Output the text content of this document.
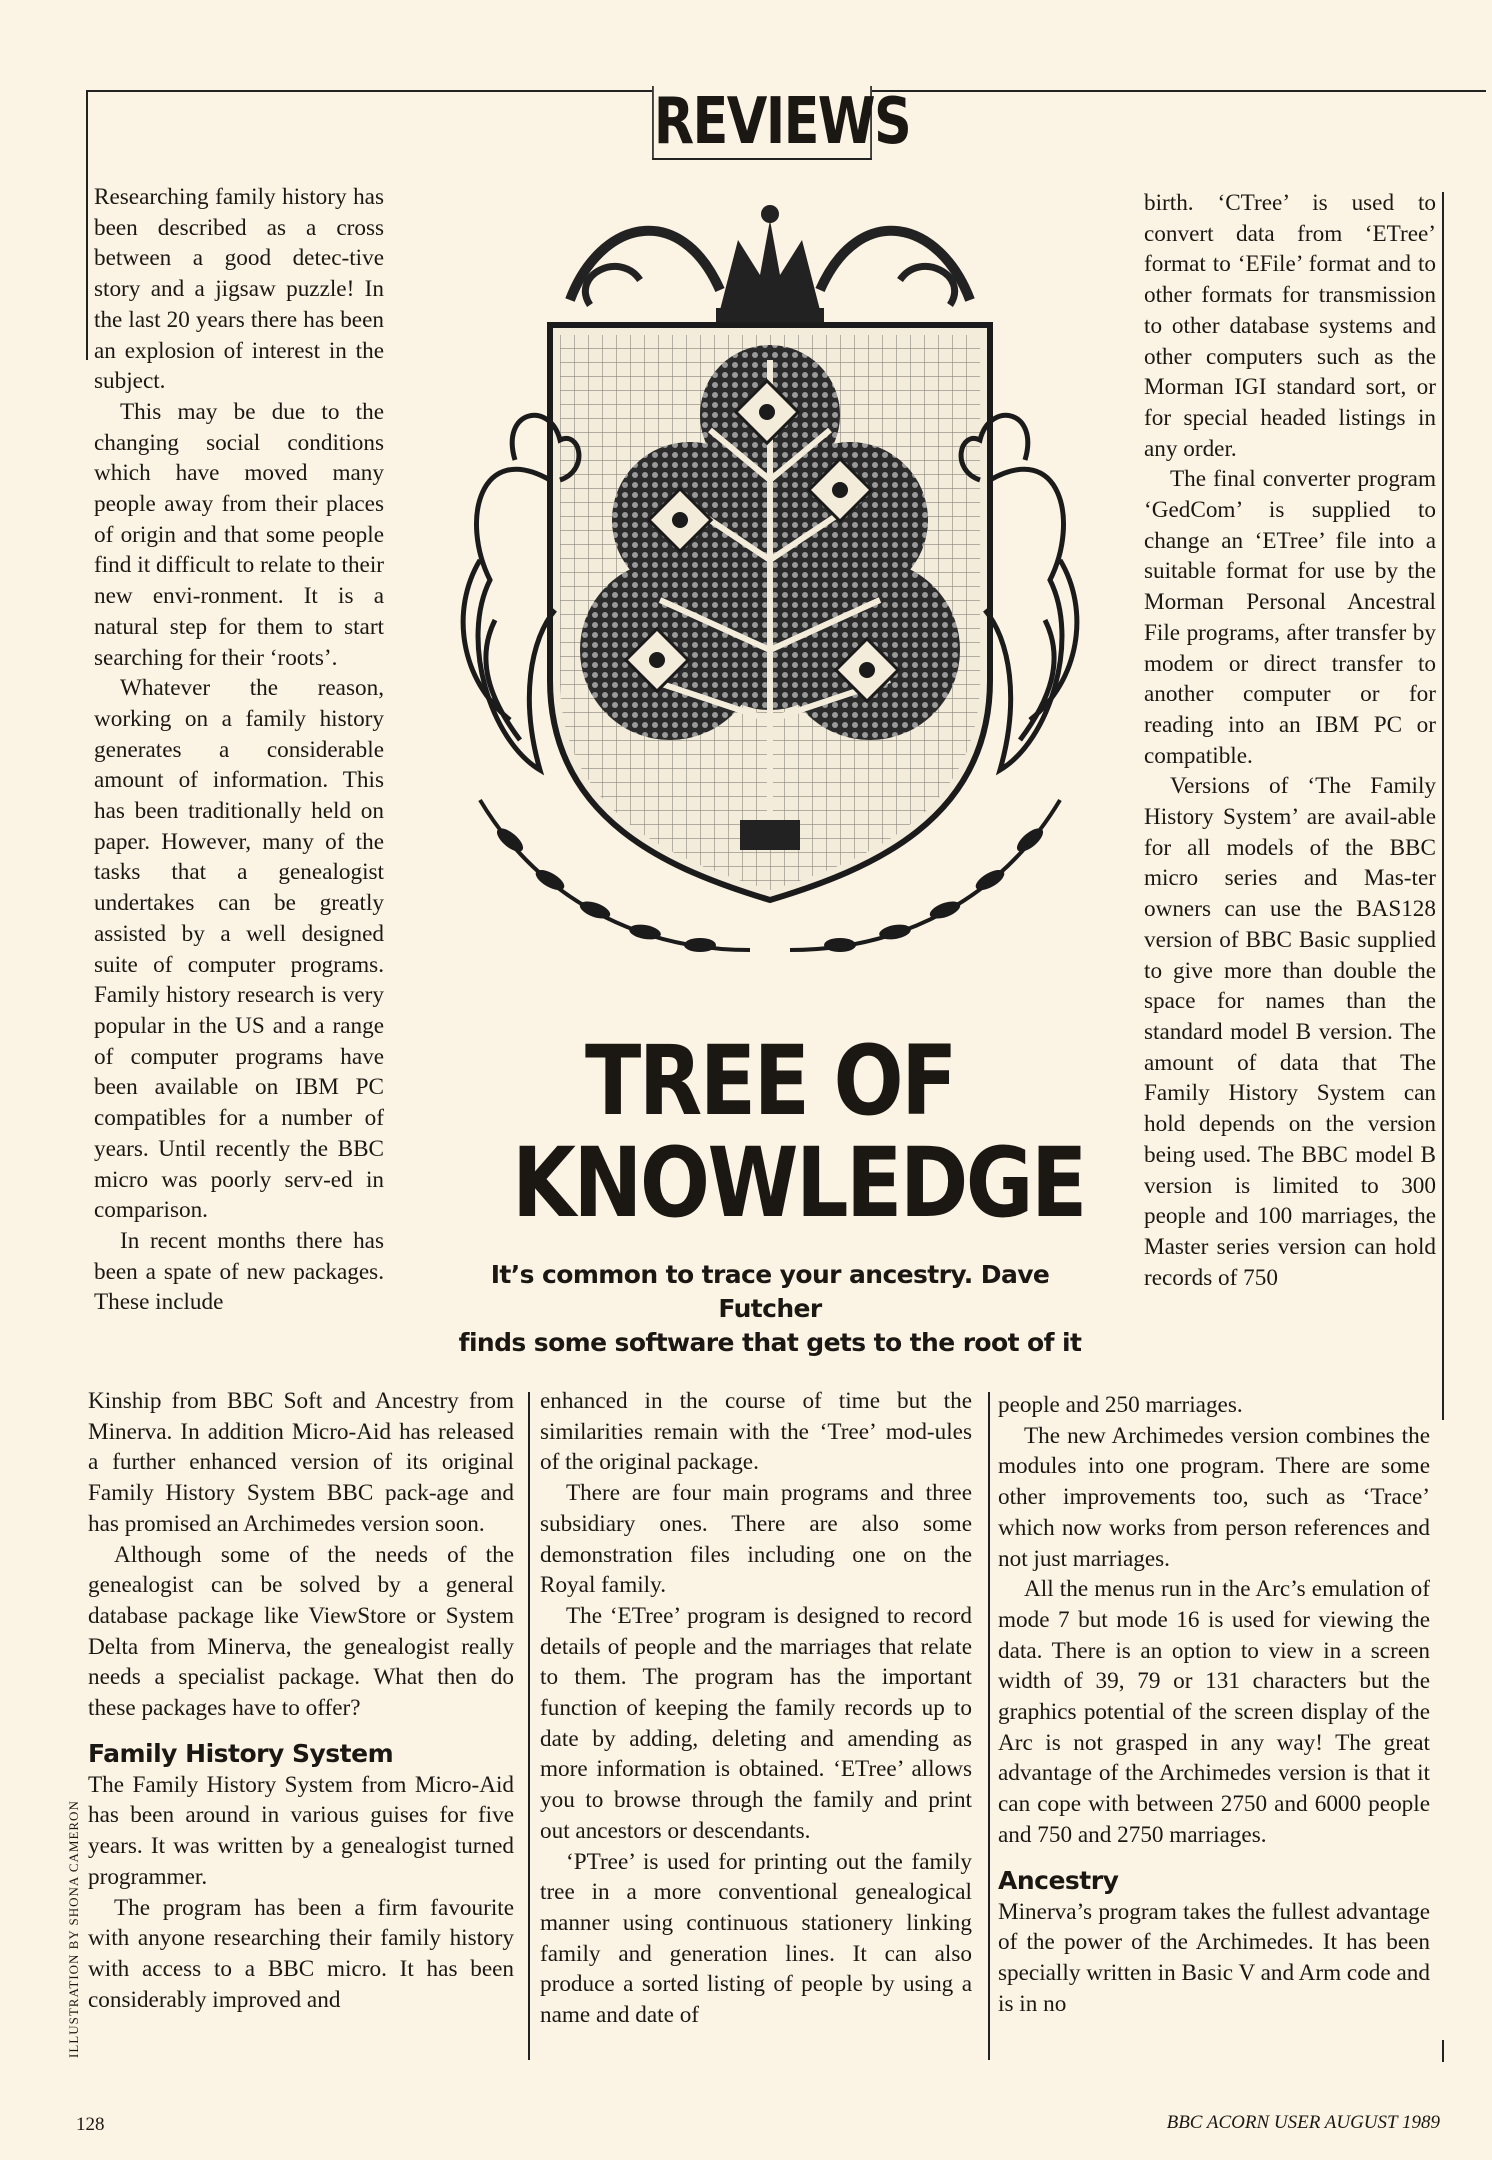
REVIEWS
TREE OF
KNOWLEDGE
It’s common to trace your ancestry. Dave Futcher
finds some software that gets to the root of it

Researching family history has been described as a cross between a good detec-tive story and a jigsaw puzzle! In the last 20 years there has been an explosion of interest in the subject.

This may be due to the changing social conditions which have moved many people away from their places of origin and that some people find it difficult to relate to their new envi-ronment. It is a natural step for them to start searching for their ‘roots’.

Whatever the reason, working on a family history generates a considerable amount of information. This has been traditionally held on paper. However, many of the tasks that a genealogist undertakes can be greatly assisted by a well designed suite of computer programs. Family history research is very popular in the US and a range of computer programs have been available on IBM PC compatibles for a number of years. Until recently the BBC micro was poorly serv-ed in comparison.

In recent months there has been a spate of new packages. These include

Kinship from BBC Soft and Ancestry from Minerva. In addition Micro-Aid has released a further enhanced version of its original Family History System BBC pack-age and has promised an Archimedes version soon.

Although some of the needs of the genealogist can be solved by a general database package like ViewStore or System Delta from Minerva, the genealogist really needs a specialist package. What then do these packages have to offer?

Family History System

The Family History System from Micro-Aid has been around in various guises for five years. It was written by a genealogist turned programmer.

The program has been a firm favourite with anyone researching their family history with access to a BBC micro. It has been considerably improved and

enhanced in the course of time but the similarities remain with the ‘Tree’ mod-ules of the original package.

There are four main programs and three subsidiary ones. There are also some demonstration files including one on the Royal family.

The ‘ETree’ program is designed to record details of people and the marriages that relate to them. The program has the important function of keeping the family records up to date by adding, deleting and amending as more information is obtained. ‘ETree’ allows you to browse through the family and print out ancestors or descendants.

‘PTree’ is used for printing out the family tree in a more conventional genealogical manner using continuous stationery linking family and generation lines. It can also produce a sorted listing of people by using a name and date of

birth. ‘CTree’ is used to convert data from ‘ETree’ format to ‘EFile’ format and to other formats for transmission to other database systems and other computers such as the Morman IGI standard sort, or for special headed listings in any order.

The final converter program ‘GedCom’ is supplied to change an ‘ETree’ file into a suitable format for use by the Morman Personal Ancestral File programs, after transfer by modem or direct transfer to another computer or for reading into an IBM PC or compatible.

Versions of ‘The Family History System’ are avail-able for all models of the BBC micro series and Mas-ter owners can use the BAS128 version of BBC Basic supplied to give more than double the space for names than the standard model B version. The amount of data that The Family History System can hold depends on the version being used. The BBC model B version is limited to 300 people and 100 marriages, the Master series version can hold records of 750

people and 250 marriages.

The new Archimedes version combines the modules into one program. There are some other improvements too, such as ‘Trace’ which now works from person references and not just marriages.

All the menus run in the Arc’s emulation of mode 7 but mode 16 is used for viewing the data. There is an option to view in a screen width of 39, 79 or 131 characters but the graphics potential of the screen display of the Arc is not grasped in any way! The great advantage of the Archimedes version is that it can cope with between 2750 and 6000 people and 750 and 2750 marriages.

Ancestry

Minerva’s program takes the fullest advantage of the power of the Archimedes. It has been specially written in Basic V and Arm code and is in no

ILLUSTRATION BY SHONA CAMERON
128	BBC ACORN USER AUGUST 1989
